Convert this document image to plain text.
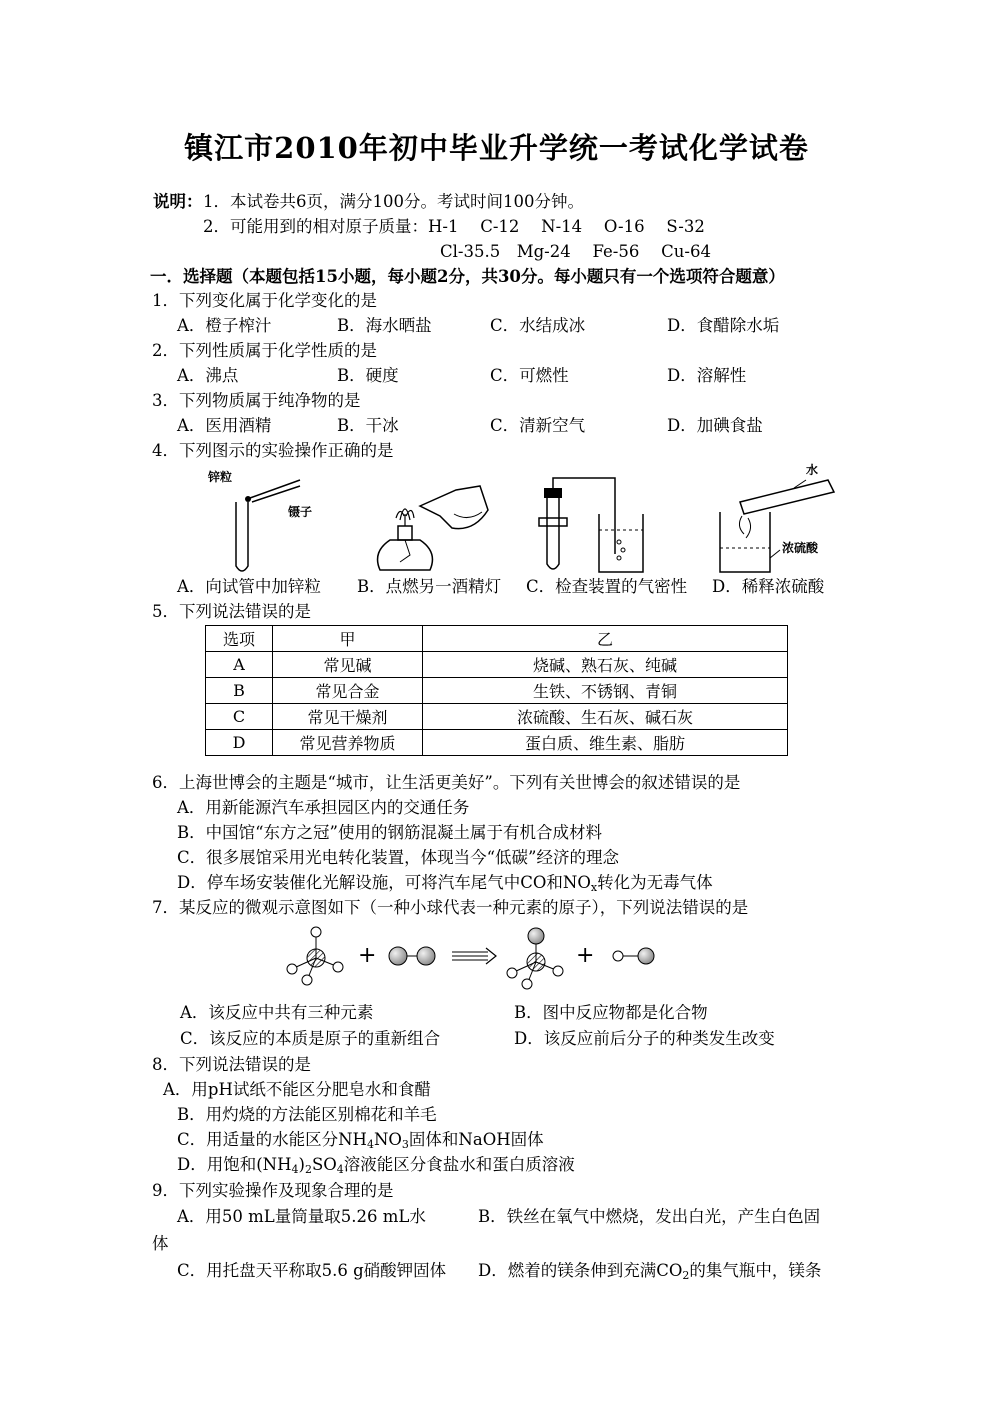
镇江市2010年初中毕业升学统一考试化学试卷
说明： 1．本试卷共6页，满分100分。考试时间100分钟。
2．可能用到的相对原子质量：H-1　 C-12　 N-14　 O-16　 S-32
Cl-35.5　Mg-24　 Fe-56　 Cu-64
一．选择题（本题包括15小题，每小题2分，共30分。每小题只有一个选项符合题意）
1．下列变化属于化学变化的是
A．橙子榨汁	B．海水晒盐	C．水结成冰	D．食醋除水垢
2．下列性质属于化学性质的是
A．沸点	B．硬度	C．可燃性	D．溶解性
3．下列物质属于纯净物的是
A．医用酒精	B．干冰	C．清新空气	D．加碘食盐
4．下列图示的实验操作正确的是
锌粒
镊子
水
浓硫酸
A．向试管中加锌粒 B．点燃另一酒精灯 C．检查装置的气密性 D．稀释浓硫酸
5．下列说法错误的是
选项	甲	乙
A	常见碱	烧碱、熟石灰、纯碱
B	常见合金	生铁、不锈钢、青铜
C	常见干燥剂	浓硫酸、生石灰、碱石灰
D	常见营养物质	蛋白质、维生素、脂肪
6．上海世博会的主题是“城市，让生活更美好”。下列有关世博会的叙述错误的是
A．用新能源汽车承担园区内的交通任务
B．中国馆“东方之冠”使用的钢筋混凝土属于有机合成材料
C．很多展馆采用光电转化装置，体现当今“低碳”经济的理念
D．停车场安装催化光解设施，可将汽车尾气中CO和$NO_x$转化为无毒气体
7．某反应的微观示意图如下（一种小球代表一种元素的原子），下列说法错误的是
+	+
A．该反应中共有三种元素	B．图中反应物都是化合物
C．该反应的本质是原子的重新组合	D．该反应前后分子的种类发生改变
8．下列说法错误的是
A．用pH试纸不能区分肥皂水和食醋
B．用灼烧的方法能区别棉花和羊毛
C．用适量的水能区分$NH_4NO_3$固体和NaOH固体
D．用饱和$(NH_4)_2SO_4$溶液能区分食盐水和蛋白质溶液
9．下列实验操作及现象合理的是
A．用50 mL量筒量取5.26 mL水	B．铁丝在氧气中燃烧，发出白光，产生白色固
体
C．用托盘天平称取5.6 g硝酸钾固体 D．燃着的镁条伸到充满$CO_2$的集气瓶中，镁条
